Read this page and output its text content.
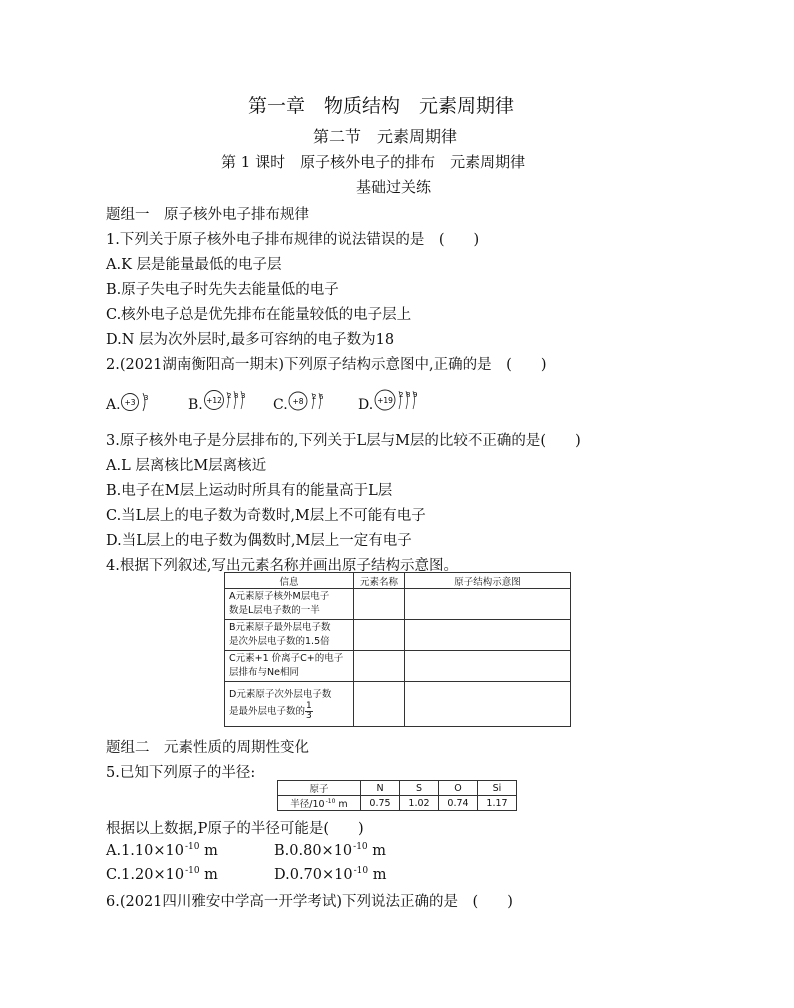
第一章　物质结构　元素周期律
第二节　元素周期律
第 1 课时　原子核外电子的排布　元素周期律
基础过关练
题组一　原子核外电子排布规律
1.下列关于原子核外电子排布规律的说法错误的是　(　　)
A.K 层是能量最低的电子层
B.原子失电子时先失去能量低的电子
C.核外电子总是优先排布在能量较低的电子层上
D.N 层为次外层时,最多可容纳的电子数为18
2.(2021湖南衡阳高一期末)下列原子结构示意图中,正确的是　(　　)
A. +3 3	B. +12 2 8 3
C. +8 2 6 D. +19
2 8 9
3.原子核外电子是分层排布的,下列关于L层与M层的比较不正确的是(　　)
A.L 层离核比M层离核近
B.电子在M层上运动时所具有的能量高于L层
C.当L层上的电子数为奇数时,M层上不可能有电子
D.当L层上的电子数为偶数时,M层上一定有电子
4.根据下列叙述,写出元素名称并画出原子结构示意图。
信息	元素名称	原子结构示意图
A元素原子核外M层电子
数是L层电子数的一半		
B元素原子最外层电子数
是次外层电子数的1.5倍		
C元素+1 价离子C+的电子
层排布与Ne相同		
D元素原子次外层电子数
是最外层电子数的 $\frac{1}{3}$

题组二　元素性质的周期性变化
5.已知下列原子的半径:
原子	N	S	O	Si
半径$/10^{-10}$ m	0.75	1.02	0.74	1.17
根据以上数据,P原子的半径可能是(　　)
$A.1.10\times 10^{-10}$ m	$B.0.80\times 10^{-10}$ m
$C.1.20\times 10^{-10}$ m	$D.0.70\times 10^{-10}$ m
6.(2021四川雅安中学高一开学考试)下列说法正确的是　(　　)
